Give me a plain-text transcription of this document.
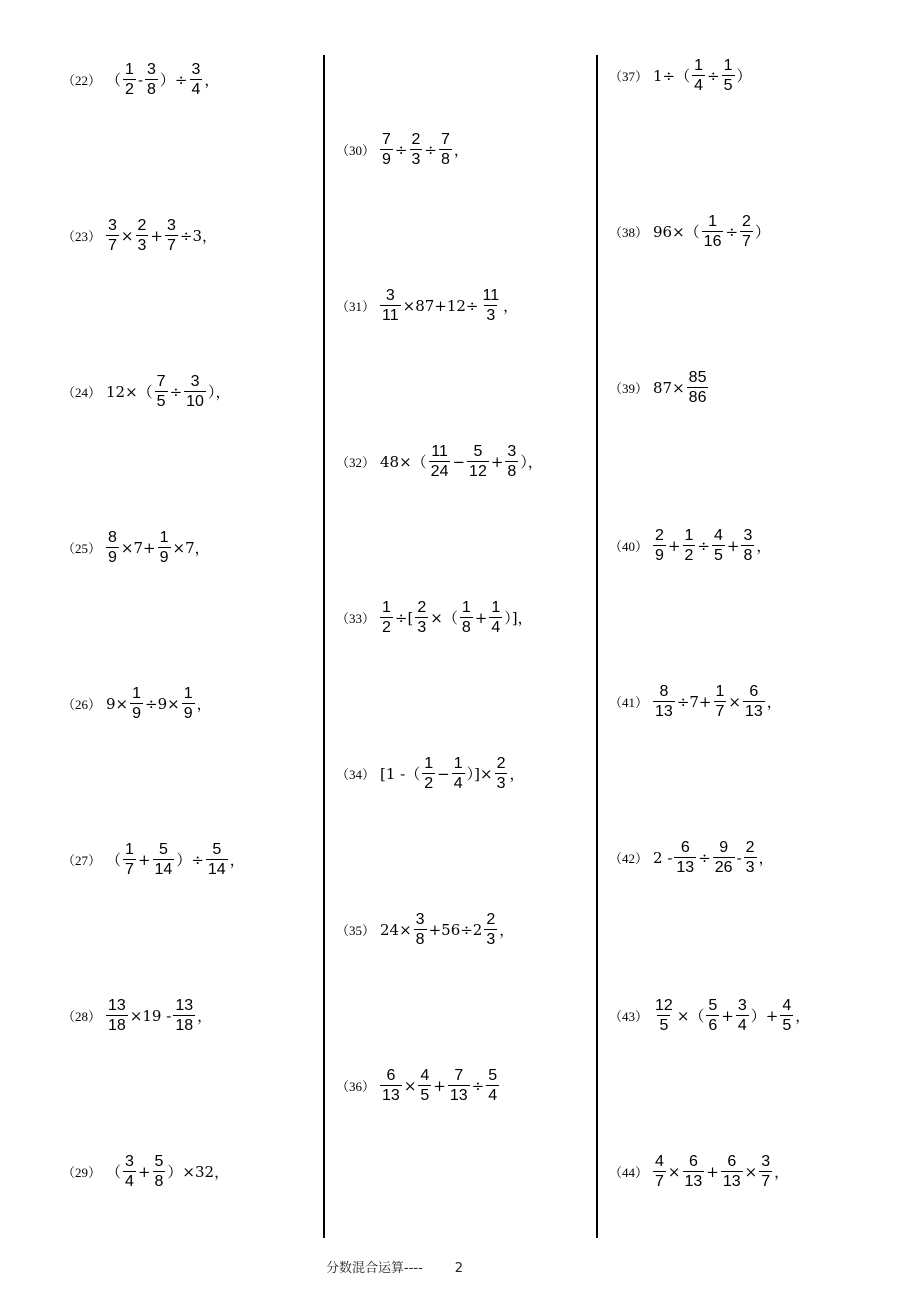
（22） （ $\frac{1}{2} - \frac{3}{8}$ ）÷ $\frac{3}{4}$ ，
$(23) \frac{3}{7} \times \frac{2}{3} + \frac{3}{7} \div 3$，
（24） $12\times( \frac{7}{5} \div \frac{3}{10}$ ），
$(25) \frac{8}{9} \times 7+ \frac{1}{9} \times 7$，
（26） $9\times \frac{1}{9} \div 9\times \frac{1}{9}$ ，
（27） （ $\frac{1}{7} + \frac{5}{14}$ ）÷ $\frac{5}{14}$ ，
$(28) \frac{13}{18} \times 19 - \frac{13}{18}$ ，
（29） （ $\frac{3}{4} + \frac{5}{8} )\times 32$，
$(30) \frac{7}{9} \div \frac{2}{3} \div \frac{7}{8}$ ，
$(31) \frac{3}{11} \times 87+12\div \frac{11}{3}$ ，
（32） $48\times( \frac{11}{24} - \frac{5}{12} + \frac{3}{8}$ ），
$(33) \frac{1}{2}$ ÷[ $\frac{2}{3}$ ×（ $\frac{1}{8} + \frac{1}{4}$ ）]，
（34） [1 -（ $\frac{1}{2} - \frac{1}{4}$ ）]× $\frac{2}{3}$ ，
（35） $24\times \frac{3}{8} +56\div 2 \frac{2}{3}$ ，
$(36) \frac{6}{13} \times \frac{4}{5} + \frac{7}{13} \div \frac{5}{4}$
（37） $1\div( \frac{1}{4} \div \frac{1}{5}$ ）
（38） $96\times( \frac{1}{16} \div \frac{2}{7}$ ）
（39） $87\times \frac{85}{86}$
$(40) \frac{2}{9} + \frac{1}{2} \div \frac{4}{5} + \frac{3}{8}$ ，
$(41) \frac{8}{13} \div 7+ \frac{1}{7} \times \frac{6}{13}$ ，
（42） $2 - \frac{6}{13} \div \frac{9}{26} - \frac{2}{3}$ ，
$(43) \frac{12}{5}$ ×（ $\frac{5}{6} + \frac{3}{4}$ ）+ $\frac{4}{5}$ ，
$(44) \frac{4}{7} \times \frac{6}{13} + \frac{6}{13} \times \frac{3}{7}$ ，
分数混合运算---- 2
